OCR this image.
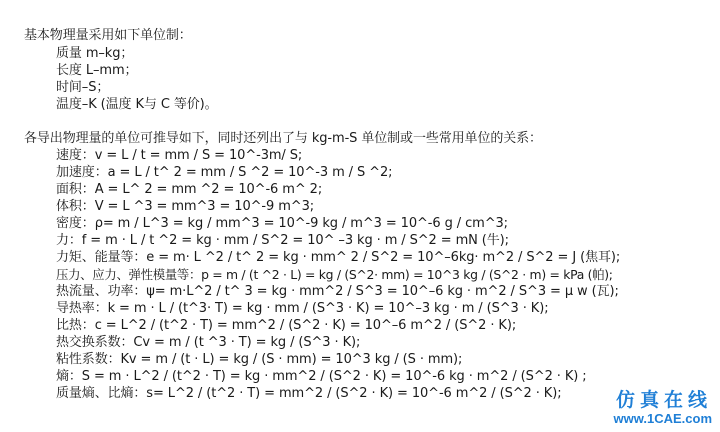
基本物理量采用如下单位制：
质量 m–kg；
长度 L–mm；
时间–S；
温度–K (温度 K与 C 等价)。
各导出物理量的单位可推导如下，同时还列出了与 kg-m-S 单位制或一些常用单位的关系：
速度：v = L / t = mm / S = 10^-3m/ S;
加速度：a = L / t^ 2 = mm / S ^2 = 10^-3 m / S ^2;
面积：A = L^ 2 = mm ^2 = 10^-6 m^ 2;
体积：V = L ^3 = mm^3 = 10^-9 m^3;
密度：ρ= m / L^3 = kg / mm^3 = 10^-9 kg / m^3 = 10^-6 g / cm^3;
力：f = m · L / t ^2 = kg · mm / S^2 = 10^ –3 kg · m / S^2 = mN (牛);
力矩、能量等：e = m· L ^2 / t^ 2 = kg · mm^ 2 / S^2 = 10^–6kg· m^2 / S^2 = J (焦耳);
压力、应力、弹性模量等：p = m / (t ^2 · L) = kg / (S^2· mm) = 10^3 kg / (S^2 · m) = kPa (帕);
热流量、功率：ψ= m·L^2 / t^ 3 = kg · mm^2 / S^3 = 10^–6 kg · m^2 / S^3 = μ w (瓦);
导热率：k = m · L / (t^3· T) = kg · mm / (S^3 · K) = 10^–3 kg · m / (S^3 · K);
比热：c = L^2 / (t^2 · T) = mm^2 / (S^2 · K) = 10^–6 m^2 / (S^2 · K);
热交换系数：Cv = m / (t ^3 · T) = kg / (S^3 · K);
粘性系数：Kv = m / (t · L) = kg / (S · mm) = 10^3 kg / (S · mm);
熵：S = m · L^2 / (t^2 · T) = kg · mm^2 / (S^2 · K) = 10^-6 kg · m^2 / (S^2 · K) ;
质量熵、比熵：s= L^2 / (t^2 · T) = mm^2 / (S^2 · K) = 10^-6 m^2 / (S^2 · K);	仿真在线
www.1CAE.com
